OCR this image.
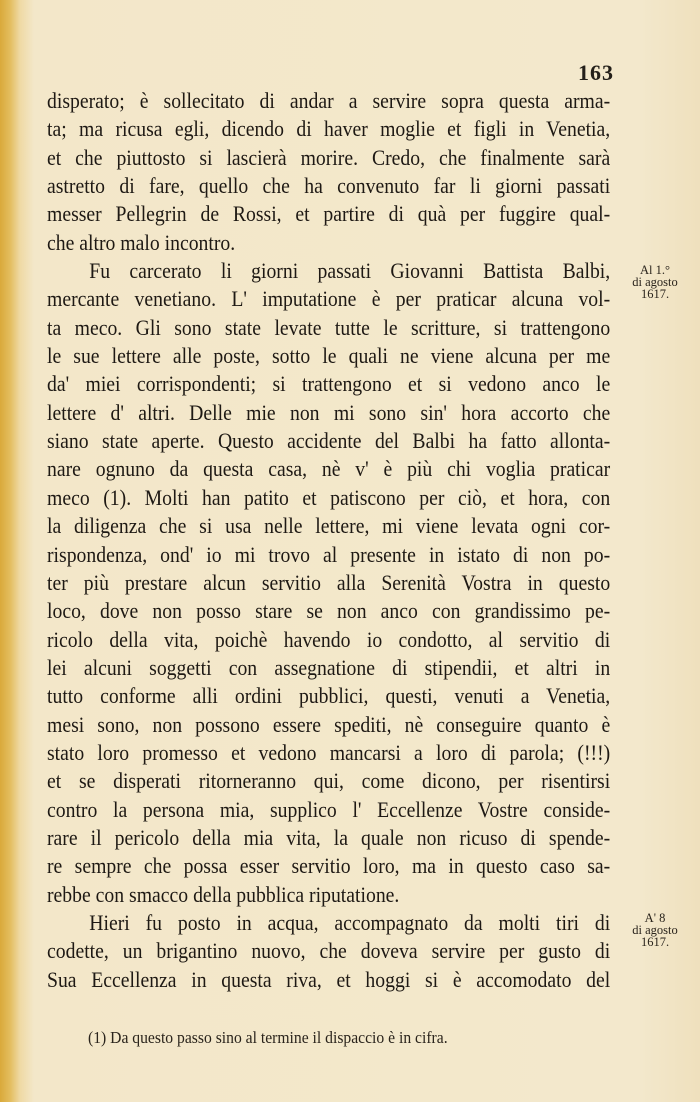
163
disperato; è sollecitato di andar a servire sopra questa arma-
ta; ma ricusa egli, dicendo di haver moglie et figli in Venetia,
et che piuttosto si lascierà morire. Credo, che finalmente sarà
astretto di fare, quello che ha convenuto far li giorni passati
messer Pellegrin de Rossi, et partire di quà per fuggire qual-
che altro malo incontro.
Fu carcerato li giorni passati Giovanni Battista Balbi,
mercante venetiano. L' imputatione è per praticar alcuna vol-
ta meco. Gli sono state levate tutte le scritture, si trattengono
le sue lettere alle poste, sotto le quali ne viene alcuna per me
da' miei corrispondenti; si trattengono et si vedono anco le
lettere d' altri. Delle mie non mi sono sin' hora accorto che
siano state aperte. Questo accidente del Balbi ha fatto allonta-
nare ognuno da questa casa, nè v' è più chi voglia praticar
meco (1). Molti han patito et patiscono per ciò, et hora, con
la diligenza che si usa nelle lettere, mi viene levata ogni cor-
rispondenza, ond' io mi trovo al presente in istato di non po-
ter più prestare alcun servitio alla Serenità Vostra in questo
loco, dove non posso stare se non anco con grandissimo pe-
ricolo della vita, poichè havendo io condotto, al servitio di
lei alcuni soggetti con assegnatione di stipendii, et altri in
tutto conforme alli ordini pubblici, questi, venuti a Venetia,
mesi sono, non possono essere spediti, nè conseguire quanto è
stato loro promesso et vedono mancarsi a loro di parola; (!!!)
et se disperati ritorneranno qui, come dicono, per risentirsi
contro la persona mia, supplico l' Eccellenze Vostre conside-
rare il pericolo della mia vita, la quale non ricuso di spende-
re sempre che possa esser servitio loro, ma in questo caso sa-
rebbe con smacco della pubblica riputatione.
Hieri fu posto in acqua, accompagnato da molti tiri di
codette, un brigantino nuovo, che doveva servire per gusto di
Sua Eccellenza in questa riva, et hoggi si è accomodato del
Al 1.°
di agosto
1617.
A' 8
di agosto
1617.
(1) Da questo passo sino al termine il dispaccio è in cifra.
